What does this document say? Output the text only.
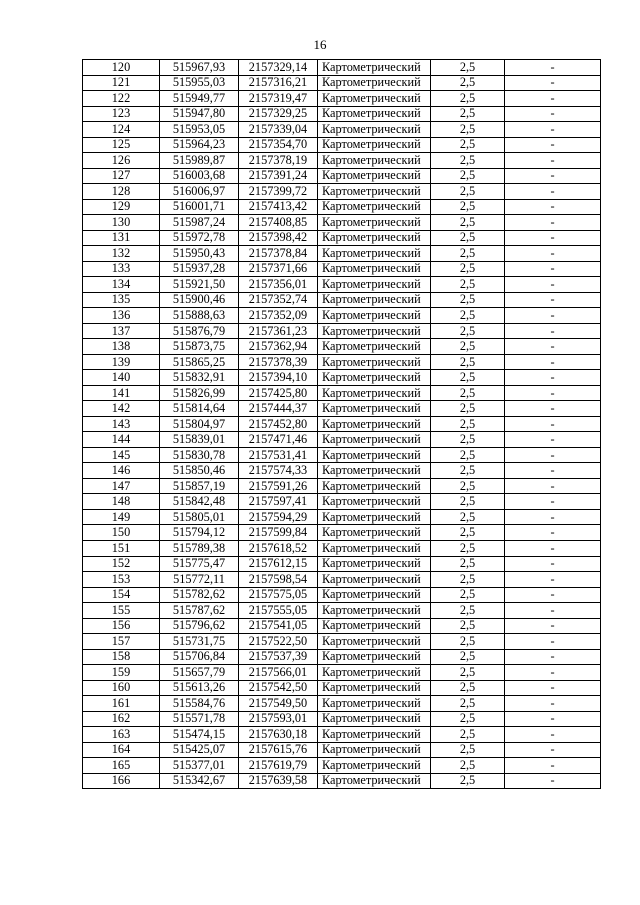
16
120	515967,93	2157329,14	Картометрический	2,5	-
121	515955,03	2157316,21	Картометрический	2,5	-
122	515949,77	2157319,47	Картометрический	2,5	-
123	515947,80	2157329,25	Картометрический	2,5	-
124	515953,05	2157339,04	Картометрический	2,5	-
125	515964,23	2157354,70	Картометрический	2,5	-
126	515989,87	2157378,19	Картометрический	2,5	-
127	516003,68	2157391,24	Картометрический	2,5	-
128	516006,97	2157399,72	Картометрический	2,5	-
129	516001,71	2157413,42	Картометрический	2,5	-
130	515987,24	2157408,85	Картометрический	2,5	-
131	515972,78	2157398,42	Картометрический	2,5	-
132	515950,43	2157378,84	Картометрический	2,5	-
133	515937,28	2157371,66	Картометрический	2,5	-
134	515921,50	2157356,01	Картометрический	2,5	-
135	515900,46	2157352,74	Картометрический	2,5	-
136	515888,63	2157352,09	Картометрический	2,5	-
137	515876,79	2157361,23	Картометрический	2,5	-
138	515873,75	2157362,94	Картометрический	2,5	-
139	515865,25	2157378,39	Картометрический	2,5	-
140	515832,91	2157394,10	Картометрический	2,5	-
141	515826,99	2157425,80	Картометрический	2,5	-
142	515814,64	2157444,37	Картометрический	2,5	-
143	515804,97	2157452,80	Картометрический	2,5	-
144	515839,01	2157471,46	Картометрический	2,5	-
145	515830,78	2157531,41	Картометрический	2,5	-
146	515850,46	2157574,33	Картометрический	2,5	-
147	515857,19	2157591,26	Картометрический	2,5	-
148	515842,48	2157597,41	Картометрический	2,5	-
149	515805,01	2157594,29	Картометрический	2,5	-
150	515794,12	2157599,84	Картометрический	2,5	-
151	515789,38	2157618,52	Картометрический	2,5	-
152	515775,47	2157612,15	Картометрический	2,5	-
153	515772,11	2157598,54	Картометрический	2,5	-
154	515782,62	2157575,05	Картометрический	2,5	-
155	515787,62	2157555,05	Картометрический	2,5	-
156	515796,62	2157541,05	Картометрический	2,5	-
157	515731,75	2157522,50	Картометрический	2,5	-
158	515706,84	2157537,39	Картометрический	2,5	-
159	515657,79	2157566,01	Картометрический	2,5	-
160	515613,26	2157542,50	Картометрический	2,5	-
161	515584,76	2157549,50	Картометрический	2,5	-
162	515571,78	2157593,01	Картометрический	2,5	-
163	515474,15	2157630,18	Картометрический	2,5	-
164	515425,07	2157615,76	Картометрический	2,5	-
165	515377,01	2157619,79	Картометрический	2,5	-
166	515342,67	2157639,58	Картометрический	2,5	-
